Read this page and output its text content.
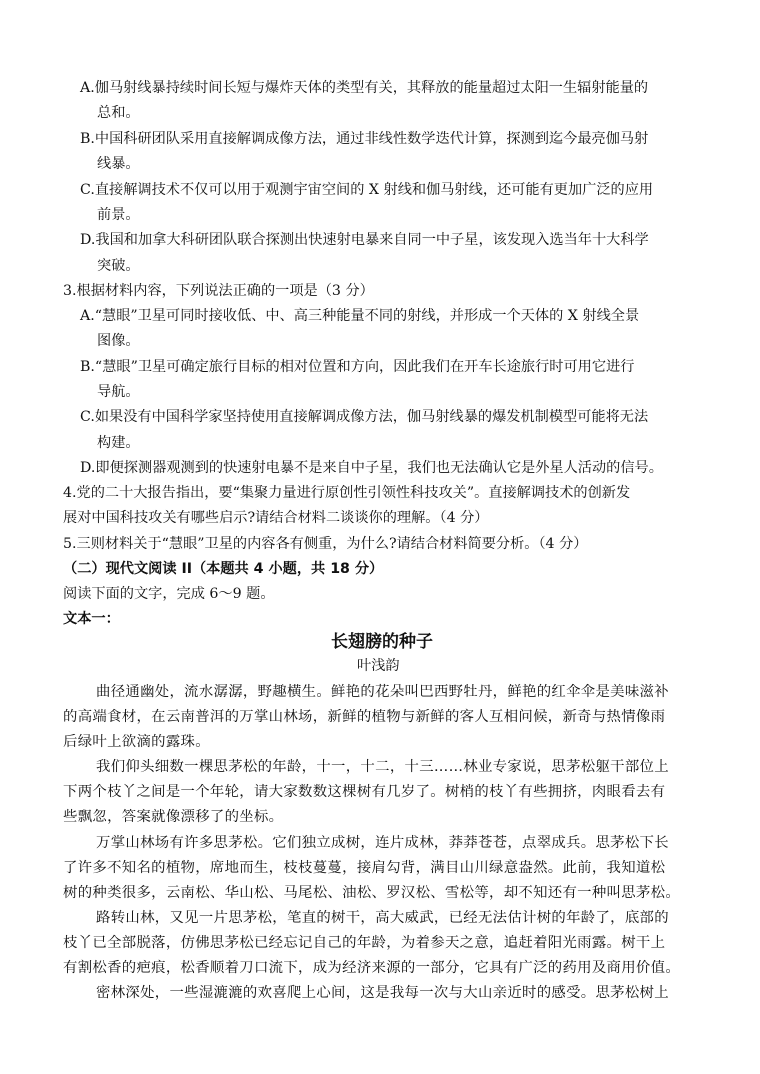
A.伽马射线暴持续时间长短与爆炸天体的类型有关，其释放的能量超过太阳一生辐射能量的
总和。
B.中国科研团队采用直接解调成像方法，通过非线性数学迭代计算，探测到迄今最亮伽马射
线暴。
C.直接解调技术不仅可以用于观测宇宙空间的 X 射线和伽马射线，还可能有更加广泛的应用
前景。
D.我国和加拿大科研团队联合探测出快速射电暴来自同一中子星，该发现入选当年十大科学
突破。
3.根据材料内容，下列说法正确的一项是（3 分）
A.“慧眼”卫星可同时接收低、中、高三种能量不同的射线，并形成一个天体的 X 射线全景
图像。
B.“慧眼”卫星可确定旅行目标的相对位置和方向，因此我们在开车长途旅行时可用它进行
导航。
C.如果没有中国科学家坚持使用直接解调成像方法，伽马射线暴的爆发机制模型可能将无法
构建。
D.即便探测器观测到的快速射电暴不是来自中子星，我们也无法确认它是外星人活动的信号。
4.党的二十大报告指出，要“集聚力量进行原创性引领性科技攻关”。直接解调技术的创新发
展对中国科技攻关有哪些启示?请结合材料二谈谈你的理解。（4 分）
5.三则材料关于“慧眼”卫星的内容各有侧重，为什么?请结合材料简要分析。（4 分）
（二）现代文阅读 II（本题共 4 小题，共 18 分）
阅读下面的文字，完成 6～9 题。
文本一：
长翅膀的种子
叶浅韵
曲径通幽处，流水潺潺，野趣横生。鲜艳的花朵叫巴西野牡丹，鲜艳的红伞伞是美味滋补
的高端食材，在云南普洱的万掌山林场，新鲜的植物与新鲜的客人互相问候，新奇与热情像雨
后绿叶上欲滴的露珠。
我们仰头细数一棵思茅松的年龄，十一，十二，十三……林业专家说，思茅松躯干部位上
下两个枝丫之间是一个年轮，请大家数数这棵树有几岁了。树梢的枝丫有些拥挤，肉眼看去有
些飘忽，答案就像漂移了的坐标。
万掌山林场有许多思茅松。它们独立成树，连片成林，莽莽苍苍，点翠成兵。思茅松下长
了许多不知名的植物，席地而生，枝枝蔓蔓，接肩勾背，满目山川绿意盎然。此前，我知道松
树的种类很多，云南松、华山松、马尾松、油松、罗汉松、雪松等，却不知还有一种叫思茅松。
路转山林，又见一片思茅松，笔直的树干，高大威武，已经无法估计树的年龄了，底部的
枝丫已全部脱落，仿佛思茅松已经忘记自己的年龄，为着参天之意，追赶着阳光雨露。树干上
有割松香的疤痕，松香顺着刀口流下，成为经济来源的一部分，它具有广泛的药用及商用价值。
密林深处，一些湿漉漉的欢喜爬上心间，这是我每一次与大山亲近时的感受。思茅松树上
